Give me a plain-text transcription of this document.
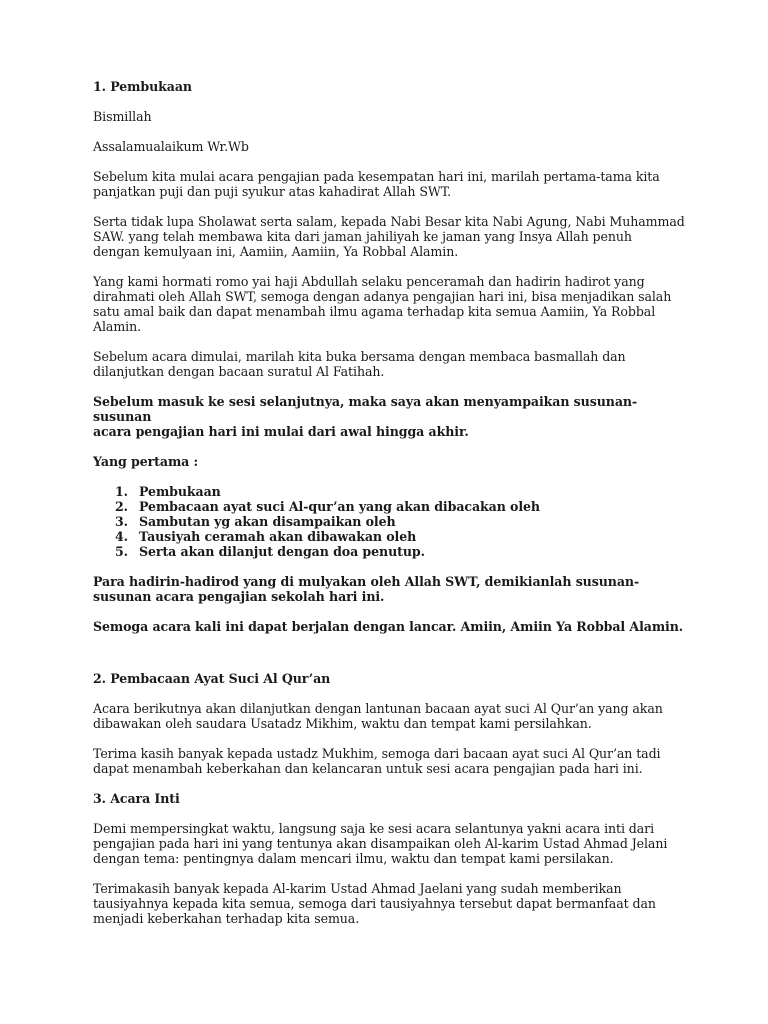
1. Pembukaan

Bismillah

Assalamualaikum Wr.Wb

Sebelum kita mulai acara pengajian pada kesempatan hari ini, marilah pertama-tama kita
panjatkan puji dan puji syukur atas kahadirat Allah SWT.

Serta tidak lupa Sholawat serta salam, kepada Nabi Besar kita Nabi Agung, Nabi Muhammad
SAW. yang telah membawa kita dari jaman jahiliyah ke jaman yang Insya Allah penuh
dengan kemulyaan ini, Aamiin, Aamiin, Ya Robbal Alamin.

Yang kami hormati romo yai haji Abdullah selaku penceramah dan hadirin hadirot yang
dirahmati oleh Allah SWT, semoga dengan adanya pengajian hari ini, bisa menjadikan salah
satu amal baik dan dapat menambah ilmu agama terhadap kita semua Aamiin, Ya Robbal
Alamin.

Sebelum acara dimulai, marilah kita buka bersama dengan membaca basmallah dan
dilanjutkan dengan bacaan suratul Al Fatihah.

Sebelum masuk ke sesi selanjutnya, maka saya akan menyampaikan susunan-susunan
acara pengajian hari ini mulai dari awal hingga akhir.

Yang pertama :

1. Pembukaan
2. Pembacaan ayat suci Al-qur’an yang akan dibacakan oleh
3. Sambutan yg akan disampaikan oleh
4. Tausiyah ceramah akan dibawakan oleh
5. Serta akan dilanjut dengan doa penutup.

Para hadirin-hadirod yang di mulyakan oleh Allah SWT, demikianlah susunan-
susunan acara pengajian sekolah hari ini.

Semoga acara kali ini dapat berjalan dengan lancar. Amiin, Amiin Ya Robbal Alamin.

2. Pembacaan Ayat Suci Al Qur’an

Acara berikutnya akan dilanjutkan dengan lantunan bacaan ayat suci Al Qur’an yang akan
dibawakan oleh saudara Usatadz Mikhim, waktu dan tempat kami persilahkan.

Terima kasih banyak kepada ustadz Mukhim, semoga dari bacaan ayat suci Al Qur’an tadi
dapat menambah keberkahan dan kelancaran untuk sesi acara pengajian pada hari ini.

3. Acara Inti

Demi mempersingkat waktu, langsung saja ke sesi acara selantunya yakni acara inti dari
pengajian pada hari ini yang tentunya akan disampaikan oleh Al-karim Ustad Ahmad Jelani
dengan tema: pentingnya dalam mencari ilmu, waktu dan tempat kami persilakan.

Terimakasih banyak kepada Al-karim Ustad Ahmad Jaelani yang sudah memberikan
tausiyahnya kepada kita semua, semoga dari tausiyahnya tersebut dapat bermanfaat dan
menjadi keberkahan terhadap kita semua.
